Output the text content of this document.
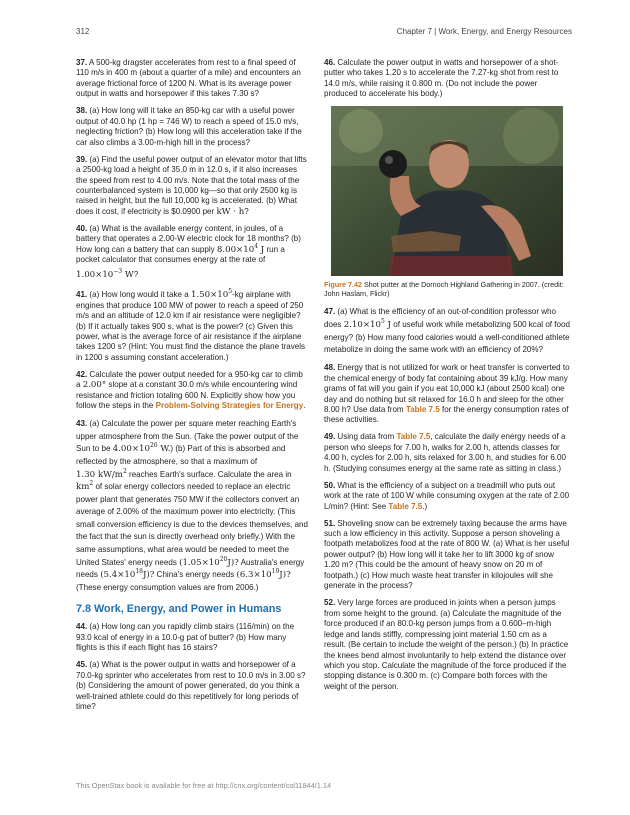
312	Chapter 7 | Work, Energy, and Energy Resources

37. A 500-kg dragster accelerates from rest to a final speed of 110 m/s in 400 m (about a quarter of a mile) and encounters an average frictional force of 1200 N. What is its average power output in watts and horsepower if this takes 7.30 s?

38. (a) How long will it take an 850-kg car with a useful power output of 40.0 hp (1 hp = 746 W) to reach a speed of 15.0 m/s, neglecting friction? (b) How long will this acceleration take if the car also climbs a 3.00-m-high hill in the process?

39. (a) Find the useful power output of an elevator motor that lifts a 2500-kg load a height of 35.0 m in 12.0 s, if it also increases the speed from rest to 4.00 m/s. Note that the total mass of the counterbalanced system is 10,000 kg—so that only 2500 kg is raised in height, but the full 10,000 kg is accelerated. (b) What does it cost, if electricity is $0.0900 per kW · h?

40. (a) What is the available energy content, in joules, of a battery that operates a 2.00-W electric clock for 18 months? (b) How long can a battery that can supply $8.00\times 10^4$ J run a pocket calculator that consumes energy at the rate of
$1.00\times 10^{-3}$ W?

41. (a) How long would it take a $1.50\times 10^5-kg$ airplane with engines that produce 100 MW of power to reach a speed of 250 m/s and an altitude of 12.0 km if air resistance were negligible? (b) If it actually takes 900 s, what is the power? (c) Given this power, what is the average force of air resistance if the airplane takes 1200 s? (Hint: You must find the distance the plane travels in 1200 s assuming constant acceleration.)

42. Calculate the power output needed for a 950-kg car to climb a 2.00° slope at a constant 30.0 m/s while encountering wind resistance and friction totaling 600 N. Explicitly show how you follow the steps in the Problem-Solving Strategies for Energy.

43. (a) Calculate the power per square meter reaching Earth's upper atmosphere from the Sun. (Take the power output of the Sun to be $4.00\times 10^{26}$ W.) (b) Part of this is absorbed and reflected by the atmosphere, so that a maximum of 1.30 $kW/m^2$ reaches Earth's surface. Calculate the area in $km^2$ of solar energy collectors needed to replace an electric power plant that generates 750 MW if the collectors convert an average of 2.00% of the maximum power into electricity. (This small conversion efficiency is due to the devices themselves, and the fact that the sun is directly overhead only briefly.) With the same assumptions, what area would be needed to meet the United States' energy needs $(1.05\times 10^{20}J)$? Australia's energy needs $(5.4\times 10^{18}J)$? China's energy needs $(6.3\times 10^{19}J)$? (These energy consumption values are from 2006.)

7.8 Work, Energy, and Power in Humans

44. (a) How long can you rapidly climb stairs (116/min) on the 93.0 kcal of energy in a 10.0-g pat of butter? (b) How many flights is this if each flight has 16 stairs?

45. (a) What is the power output in watts and horsepower of a 70.0-kg sprinter who accelerates from rest to 10.0 m/s in 3.00 s? (b) Considering the amount of power generated, do you think a well-trained athlete could do this repetitively for long periods of time?

46. Calculate the power output in watts and horsepower of a shot-putter who takes 1.20 s to accelerate the 7.27-kg shot from rest to 14.0 m/s, while raising it 0.800 m. (Do not include the power produced to accelerate his body.)

Figure 7.42 Shot putter at the Dornoch Highland Gathering in 2007. (credit: John Haslam, Flickr)

47. (a) What is the efficiency of an out-of-condition professor who does $2.10\times 10^5$ J of useful work while metabolizing 500 kcal of food energy? (b) How many food calories would a well-conditioned athlete metabolize in doing the same work with an efficiency of 20%?

48. Energy that is not utilized for work or heat transfer is converted to the chemical energy of body fat containing about 39 kJ/g. How many grams of fat will you gain if you eat 10,000 kJ (about 2500 kcal) one day and do nothing but sit relaxed for 16.0 h and sleep for the other 8.00 h? Use data from Table 7.5 for the energy consumption rates of these activities.

49. Using data from Table 7.5, calculate the daily energy needs of a person who sleeps for 7.00 h, walks for 2.00 h, attends classes for 4.00 h, cycles for 2.00 h, sits relaxed for 3.00 h, and studies for 6.00 h. (Studying consumes energy at the same rate as sitting in class.)

50. What is the efficiency of a subject on a treadmill who puts out work at the rate of 100 W while consuming oxygen at the rate of 2.00 L/min? (Hint: See Table 7.5.)

51. Shoveling snow can be extremely taxing because the arms have such a low efficiency in this activity. Suppose a person shoveling a footpath metabolizes food at the rate of 800 W. (a) What is her useful power output? (b) How long will it take her to lift 3000 kg of snow 1.20 m? (This could be the amount of heavy snow on 20 m of footpath.) (c) How much waste heat transfer in kilojoules will she generate in the process?

52. Very large forces are produced in joints when a person jumps from some height to the ground. (a) Calculate the magnitude of the force produced if an 80.0-kg person jumps from a 0.600–m-high ledge and lands stiffly, compressing joint material 1.50 cm as a result. (Be certain to include the weight of the person.) (b) In practice the knees bend almost involuntarily to help extend the distance over which you stop. Calculate the magnitude of the force produced if the stopping distance is 0.300 m. (c) Compare both forces with the weight of the person.

This OpenStax book is available for free at http://cnx.org/content/col11844/1.14
